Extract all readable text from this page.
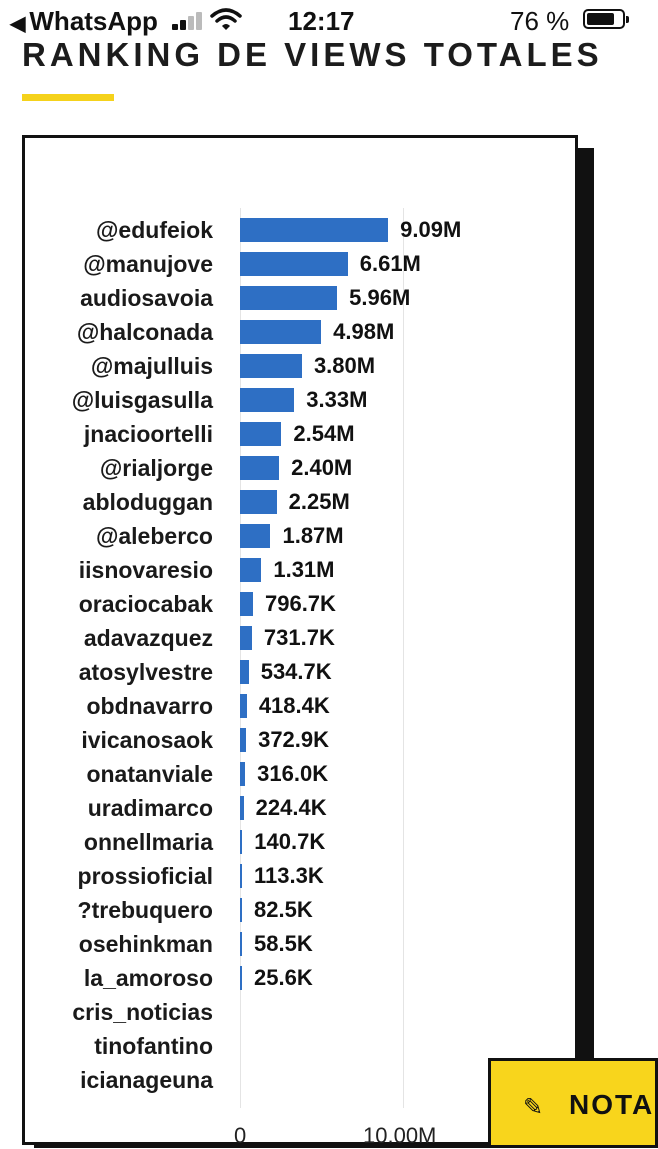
◀ WhatsApp	12:17	76 %
RANKING DE VIEWS TOTALES
@edufeiok	9.09M
@manujove	6.61M
audiosavoia	5.96M
@halconada	4.98M
@majulluis	3.80M
@luisgasulla	3.33M
jnacioortelli	2.54M
@rialjorge	2.40M
abloduggan	2.25M
@aleberco	1.87M
iisnovaresio	1.31M
oraciocabak 796.7K
adavazquez 731.7K
atosylvestre 534.7K
obdnavarro 418.4K
ivicanosaok 372.9K
onatanviale 316.0K
uradimarco 224.4K
onnellmaria 140.7K
prossioficial 113.3K
?trebuquero 82.5K
osehinkman 58.5K
la_amoroso 25.6K
cris_noticias
tinofantino
icianageuna
0	10.00M
✎ NOTA
